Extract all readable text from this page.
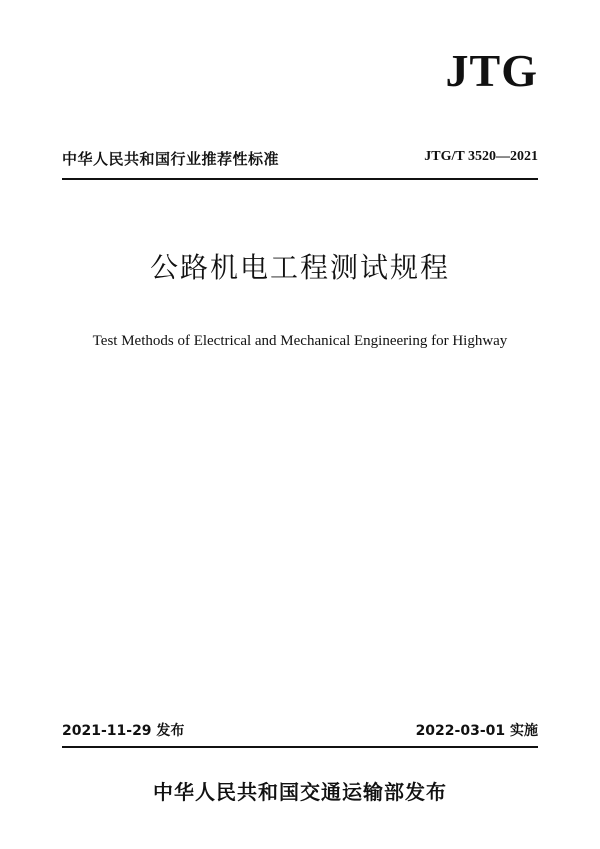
JTG
中华人民共和国行业推荐性标准	JTG/T 3520—2021
公路机电工程测试规程
Test Methods of Electrical and Mechanical Engineering for Highway
2021-11-29 发布	2022-03-01 实施
中华人民共和国交通运输部发布
